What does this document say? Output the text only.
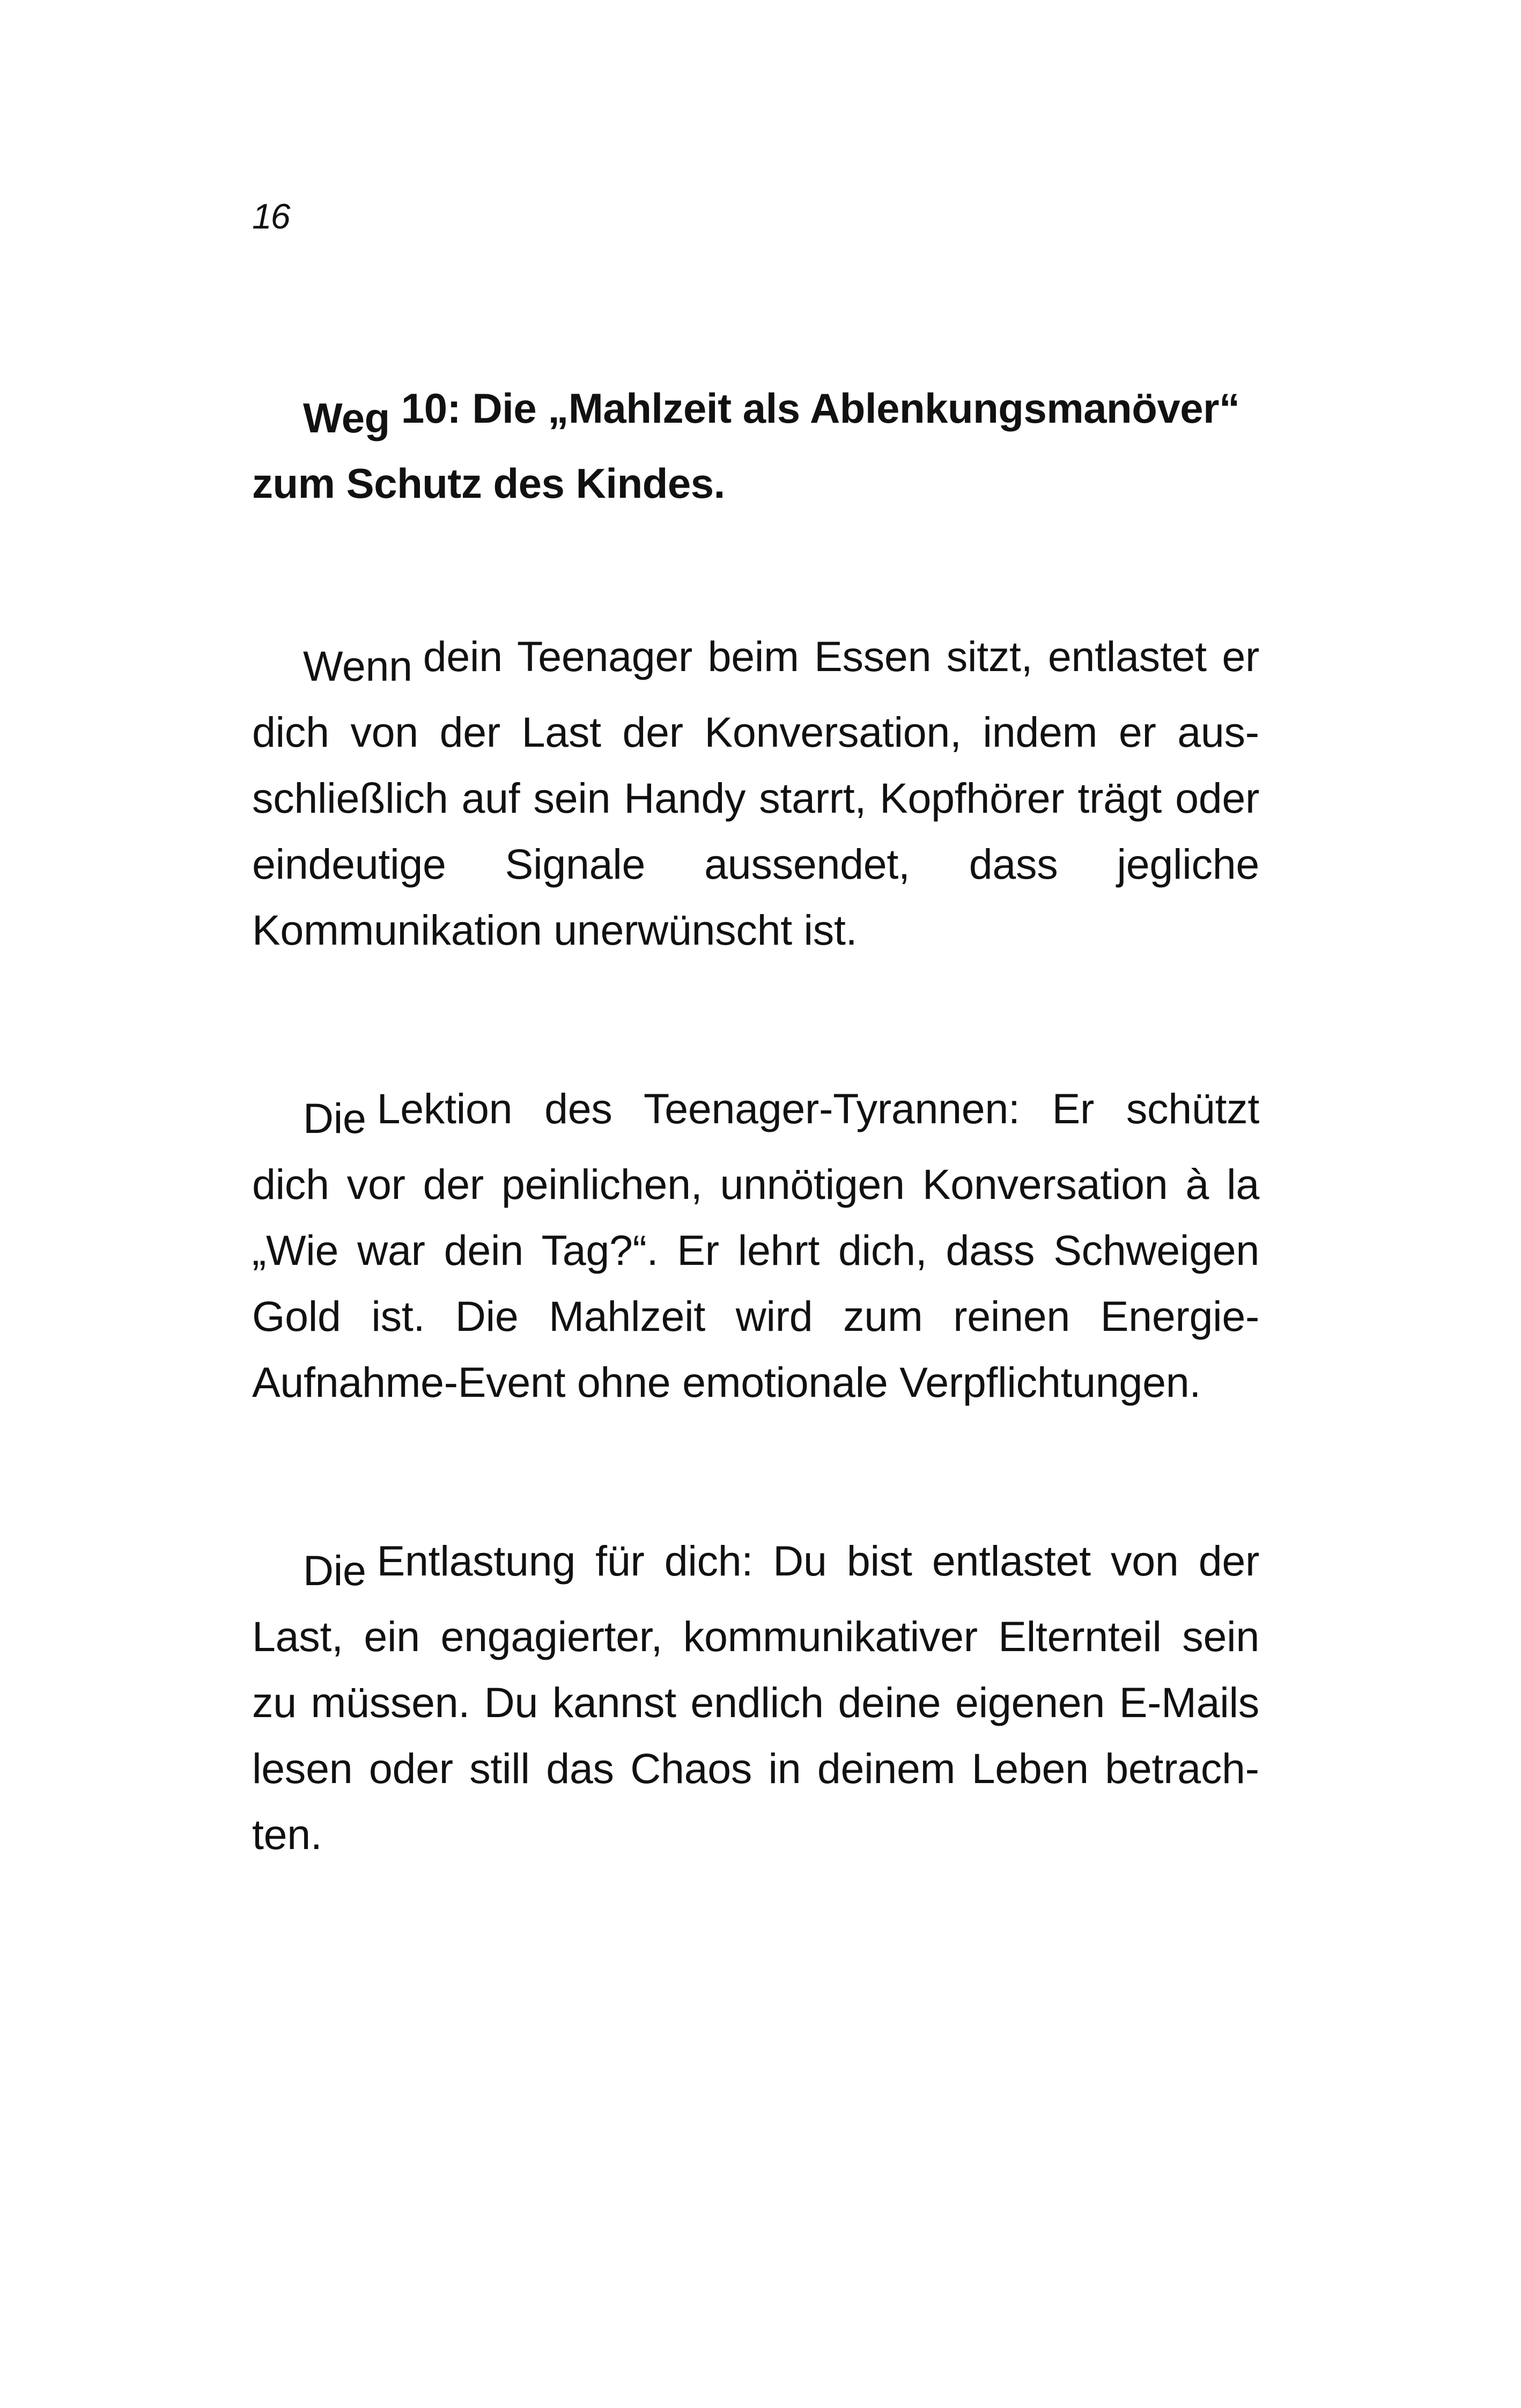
16
Weg 10: Die „Mahlzeit als Ablenkungsmanöver“ zum Schutz des Kindes.

Wenn dein Teenager beim Essen sitzt, entlastet er dich von der Last der Konversation, indem er ausschließlich auf sein Handy starrt, Kopfhörer trägt oder eindeutige Signale aussendet, dass jegliche Kommunikation unerwünscht ist.

Die Lektion des Teenager-Tyrannen: Er schützt dich vor der peinlichen, unnötigen Konversation à la „Wie war dein Tag?“. Er lehrt dich, dass Schweigen Gold ist. Die Mahlzeit wird zum reinen Energie-Aufnahme-Event ohne emotionale Verpflichtungen.

Die Entlastung für dich: Du bist entlastet von der Last, ein engagierter, kommunikativer Elternteil sein zu müssen. Du kannst endlich deine eigenen E-Mails lesen oder still das Chaos in deinem Leben betrachten.
